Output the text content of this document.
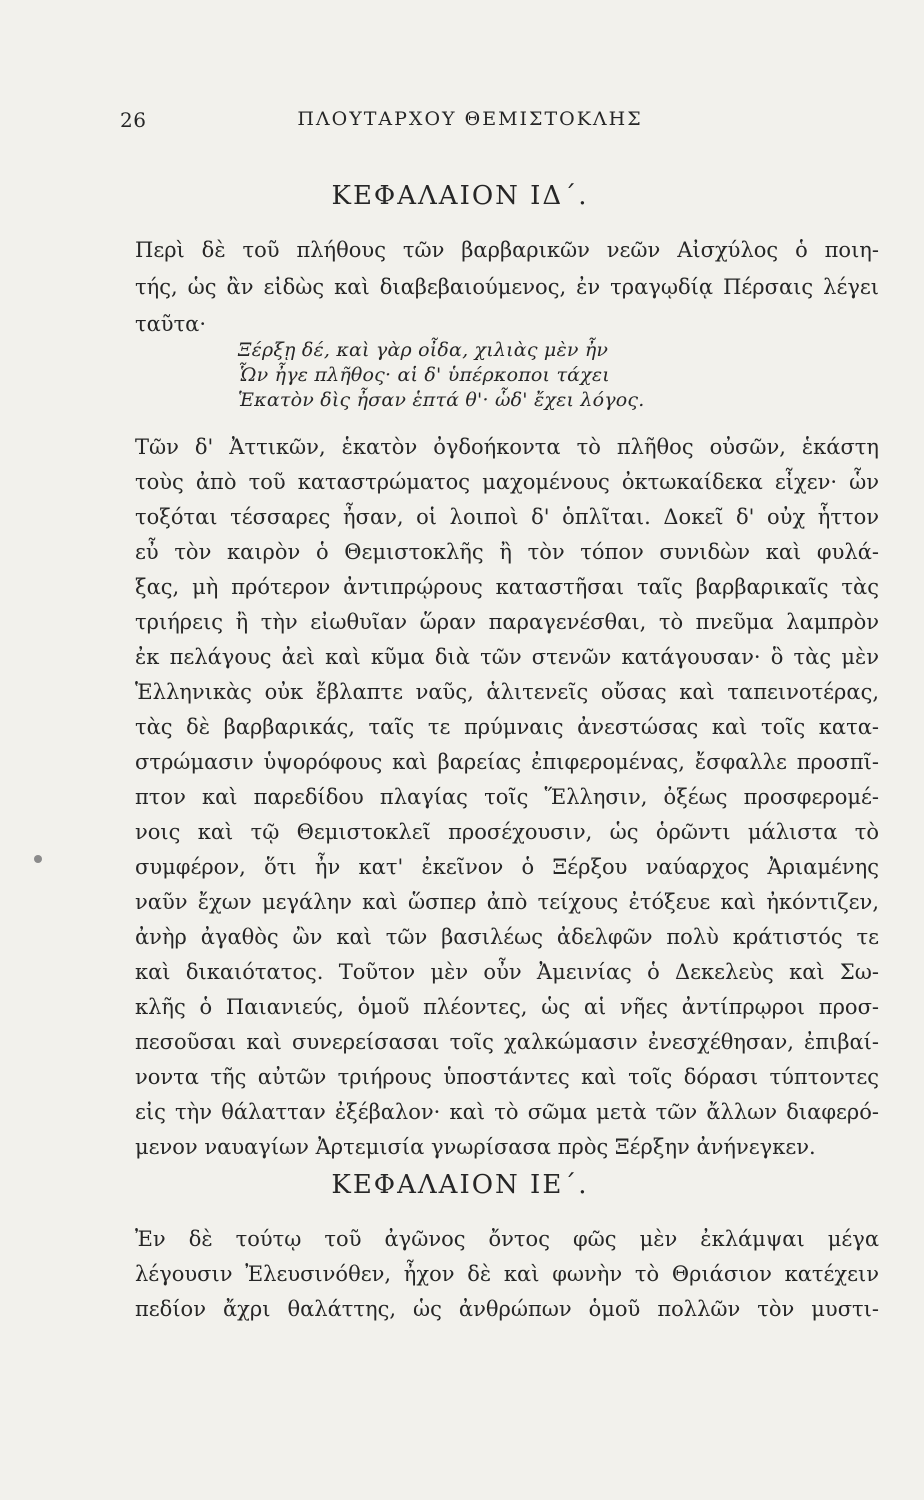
26	ΠΛΟΥΤΑΡΧΟΥ ΘΕΜΙΣΤΟΚΛΗΣ
ΚΕΦΑΛΑΙΟΝ ΙΔ΄.
Περὶ δὲ τοῦ πλήθους τῶν βαρβαρικῶν νεῶν Αἰσχύλος ὁ ποιη-
τής, ὡς ἂν εἰδὼς καὶ διαβεβαιούμενος, ἐν τραγῳδίᾳ Πέρσαις λέγει
ταῦτα·
Ξέρξῃ δέ, καὶ γὰρ οἶδα, χιλιὰς μὲν ἦν
Ὧν ἦγε πλῆθος· αἱ δ' ὑπέρκοποι τάχει
Ἑκατὸν δὶς ἦσαν ἑπτά θ'· ὧδ' ἔχει λόγος.
Τῶν δ' Ἀττικῶν, ἑκατὸν ὀγδοήκοντα τὸ πλῆθος οὐσῶν, ἑκάστη
τοὺς ἀπὸ τοῦ καταστρώματος μαχομένους ὀκτωκαίδεκα εἶχεν· ὧν
τοξόται τέσσαρες ἦσαν, οἱ λοιποὶ δ' ὁπλῖται. Δοκεῖ δ' οὐχ ἧττον
εὖ τὸν καιρὸν ὁ Θεμιστοκλῆς ἢ τὸν τόπον συνιδὼν καὶ φυλά-
ξας, μὴ πρότερον ἀντιπρῴρους καταστῆσαι ταῖς βαρβαρικαῖς τὰς
τριήρεις ἢ τὴν εἰωθυῖαν ὥραν παραγενέσθαι, τὸ πνεῦμα λαμπρὸν
ἐκ πελάγους ἀεὶ καὶ κῦμα διὰ τῶν στενῶν κατάγουσαν· ὃ τὰς μὲν
Ἑλληνικὰς οὐκ ἔβλαπτε ναῦς, ἁλιτενεῖς οὔσας καὶ ταπεινοτέρας,
τὰς δὲ βαρβαρικάς, ταῖς τε πρύμναις ἀνεστώσας καὶ τοῖς κατα-
στρώμασιν ὑψορόφους καὶ βαρείας ἐπιφερομένας, ἔσφαλλε προσπῖ-
πτον καὶ παρεδίδου πλαγίας τοῖς Ἕλλησιν, ὀξέως προσφερομέ-
νοις καὶ τῷ Θεμιστοκλεῖ προσέχουσιν, ὡς ὁρῶντι μάλιστα τὸ
συμφέρον, ὅτι ἦν κατ' ἐκεῖνον ὁ Ξέρξου ναύαρχος Ἀριαμένης
ναῦν ἔχων μεγάλην καὶ ὥσπερ ἀπὸ τείχους ἐτόξευε καὶ ἠκόντιζεν,
ἀνὴρ ἀγαθὸς ὢν καὶ τῶν βασιλέως ἀδελφῶν πολὺ κράτιστός τε
καὶ δικαιότατος. Τοῦτον μὲν οὖν Ἀμεινίας ὁ Δεκελεὺς καὶ Σω-
κλῆς ὁ Παιανιεύς, ὁμοῦ πλέοντες, ὡς αἱ νῆες ἀντίπρῳροι προσ-
πεσοῦσαι καὶ συνερείσασαι τοῖς χαλκώμασιν ἐνεσχέθησαν, ἐπιβαί-
νοντα τῆς αὐτῶν τριήρους ὑποστάντες καὶ τοῖς δόρασι τύπτοντες
εἰς τὴν θάλατταν ἐξέβαλον· καὶ τὸ σῶμα μετὰ τῶν ἄλλων διαφερό-
μενον ναυαγίων Ἀρτεμισία γνωρίσασα πρὸς Ξέρξην ἀνήνεγκεν.
ΚΕΦΑΛΑΙΟΝ ΙΕ΄.
Ἐν δὲ τούτῳ τοῦ ἀγῶνος ὄντος φῶς μὲν ἐκλάμψαι μέγα
λέγουσιν Ἐλευσινόθεν, ἦχον δὲ καὶ φωνὴν τὸ Θριάσιον κατέχειν
πεδίον ἄχρι θαλάττης, ὡς ἀνθρώπων ὁμοῦ πολλῶν τὸν μυστι-
